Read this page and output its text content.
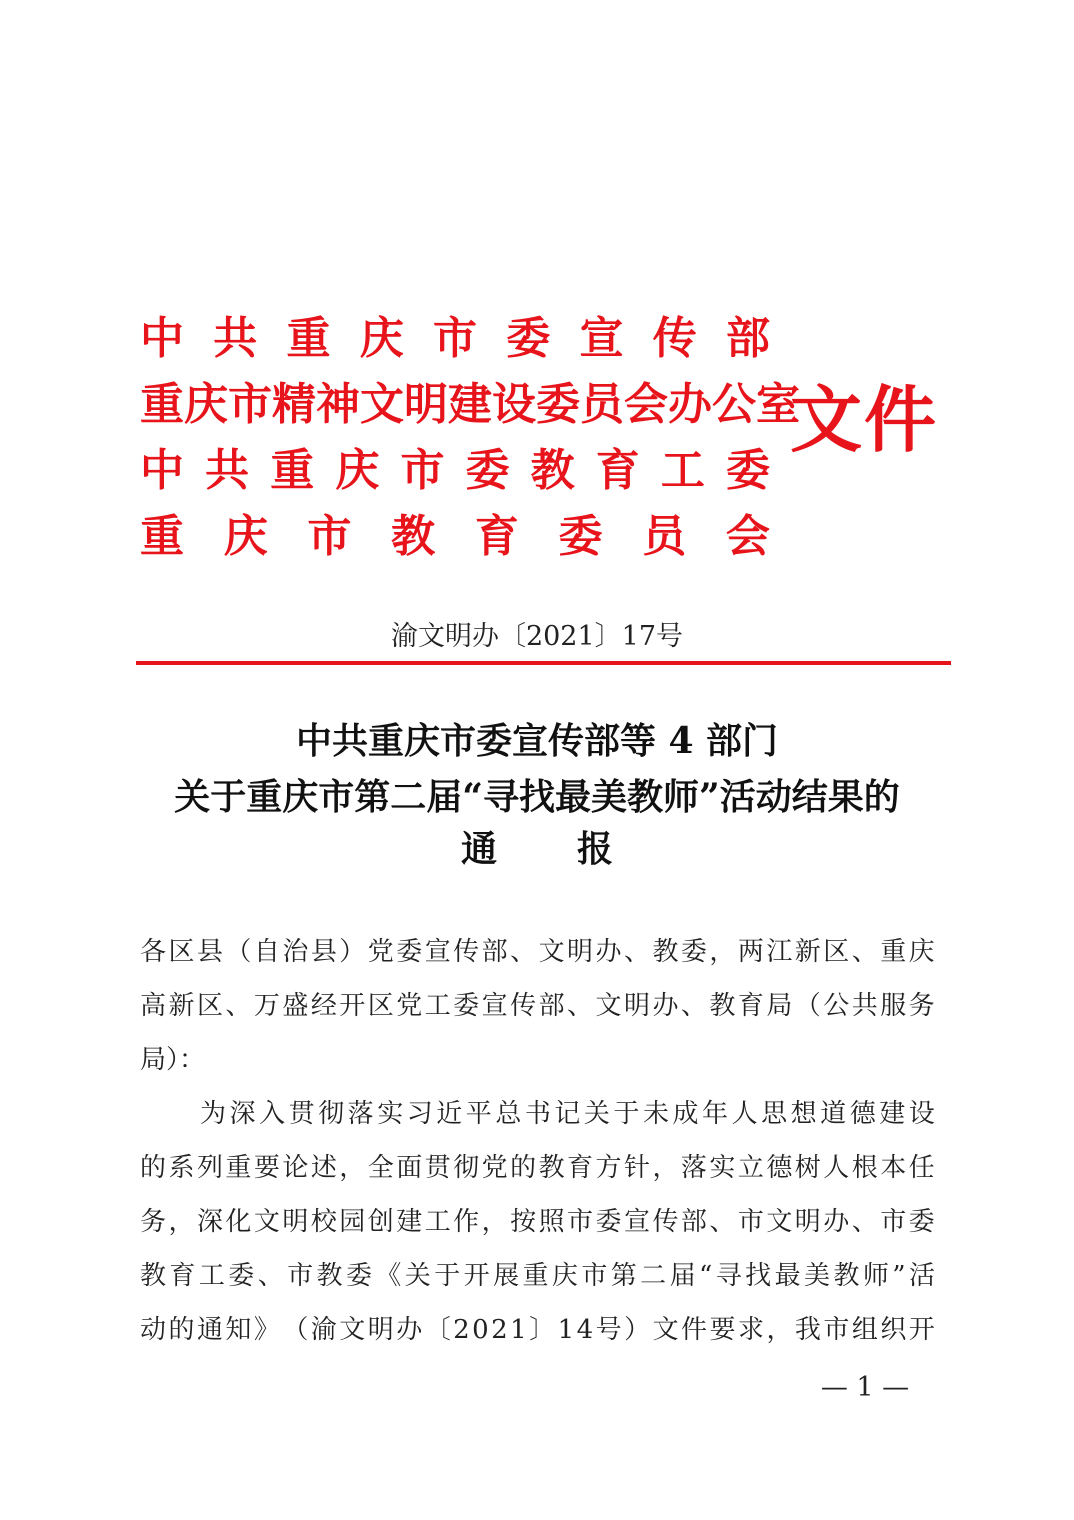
中 共 重 庆 市 委 宣 传 部
重 庆 市 精 神 文 明 建 设 委 员 会 办 公 室
中 共 重 庆 市 委 教 育 工 委
重 庆 市 教 育 委 员 会
文件
渝文明办〔2021〕17号
中共重庆市委宣传部等 4 部门
关于重庆市第二届“寻找最美教师”活动结果的
通报
各 区 县 （ 自 治 县 ） 党 委 宣 传 部 、 文 明 办 、 教 委 ， 两 江 新 区 、 重 庆
高 新 区 、 万 盛 经 开 区 党 工 委 宣 传 部 、 文 明 办 、 教 育 局 （ 公 共 服 务
局）：
为 深 入 贯 彻 落 实 习 近 平 总 书 记 关 于 未 成 年 人 思 想 道 德 建 设
的 系 列 重 要 论 述 ， 全 面 贯 彻 党 的 教 育 方 针 ， 落 实 立 德 树 人 根 本 任
务 ， 深 化 文 明 校 园 创 建 工 作 ， 按 照 市 委 宣 传 部 、 市 文 明 办 、 市 委
教 育 工 委 、 市 教 委 《 关 于 开 展 重 庆 市 第 二 届 “ 寻 找 最 美 教 师 ” 活
动 的 通 知 》 （ 渝 文 明 办 〔 2 0 2 1 〕 1 4 号 ） 文 件 要 求 ， 我 市 组 织 开
— 1 —
